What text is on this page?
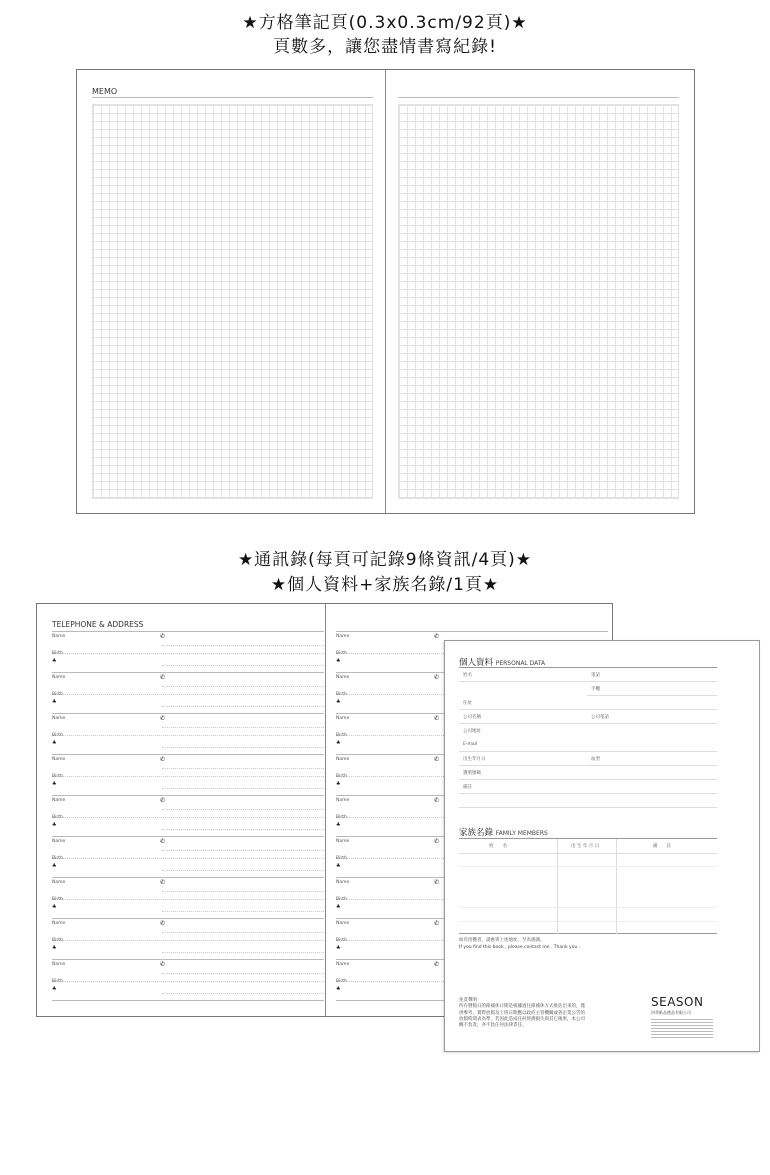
★方格筆記頁(0.3x0.3cm/92頁)★
頁數多，讓您盡情書寫紀錄!
MEMO
★通訊錄(每頁可記錄9條資訊/4頁)★
★個人資料+家族名錄/1頁★
TELEPHONE & ADDRESS
Name	✆
Birth
♣
Name	✆
Birth
♣
Name	✆
Birth
♣
Name	✆
Birth
♣
Name	✆
Birth
♣
Name	✆
Birth
♣
Name	✆
Birth
♣
Name	✆
Birth
♣
Name	✆
Birth
♣
Name	✆
Birth
♣
Name	✆
Birth
♣
Name	✆
Birth
♣
Name	✆
Birth
♣
Name	✆
Birth
♣
Name	✆
Birth
♣
Name	✆
Birth
♣
Name	✆
Birth
♣
Name	✆
Birth
♣
個人資料 PERSONAL DATA
姓名	電話
手機
住址
公司名稱	公司電話
公司地址
E-mail
出生年月日	血型
護照號碼
備註
家族名錄 FAMILY MEMBERS
姓　　名	出 生 年 月 日	備　　註
如有拾獲者，請惠寄上述地址，至為感謝。
If you find this book , please contact me . Thank you .
免責聲明：
所有曆假日的節補休日期是根據過往節補休方式推估出來的，僅供參考，實際放假及上班日期應以政府主管機關或各企業公告的放假時間表為準，若因此造成任何經濟損失與其它後果，本公司概不負責，亦不負任何法律責任。
SEASON
四季紙品禮品有限公司
